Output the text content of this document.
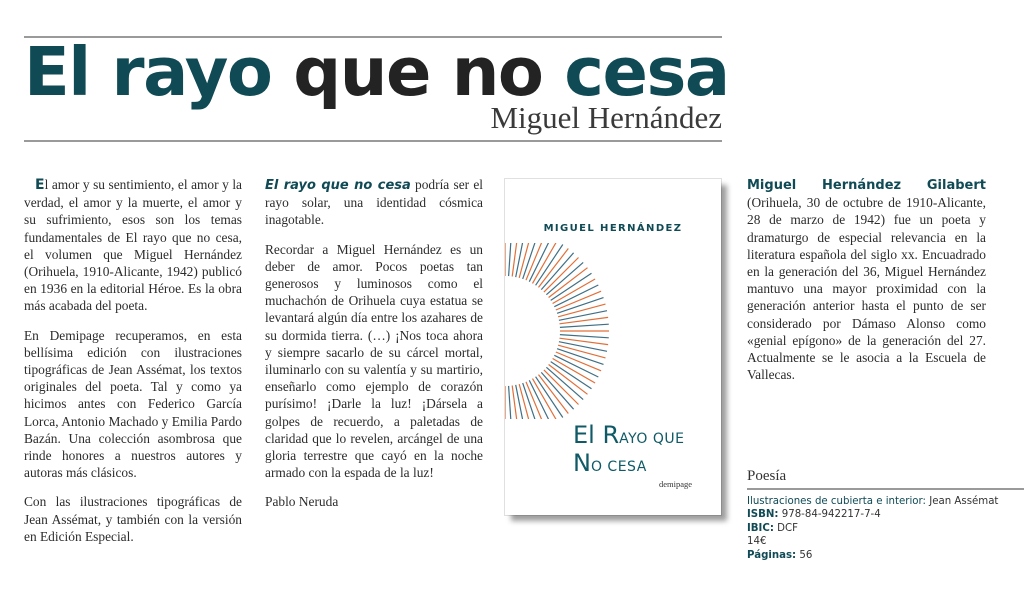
El rayo que no cesa
Miguel Hernández

El amor y su sentimiento, el amor y la verdad, el amor y la muerte, el amor y su sufrimiento, esos son los temas fundamentales de El rayo que no cesa, el volumen que Miguel Hernández (Orihuela, 1910-Alicante, 1942) publicó en 1936 en la editorial Héroe. Es la obra más acabada del poeta.

En Demipage recuperamos, en esta bellísima edición con ilustraciones tipográficas de Jean Assémat, los textos originales del poeta. Tal y como ya hicimos antes con Federico García Lorca, Antonio Machado y Emilia Pardo Bazán. Una colección asombrosa que rinde honores a nuestros autores y autoras más clásicos.

Con las ilustraciones tipográficas de Jean Assémat, y también con la versión en Edición Especial.

El rayo que no cesa podría ser el rayo solar, una identidad cósmica inagotable.

Recordar a Miguel Hernández es un deber de amor. Pocos poetas tan generosos y luminosos como el muchachón de Orihuela cuya estatua se levantará algún día entre los azahares de su dormida tierra. (…) ¡Nos toca ahora y siempre sacarlo de su cárcel mortal, iluminarlo con su valentía y su martirio, enseñarlo como ejemplo de corazón purísimo! ¡Darle la luz! ¡Dársela a golpes de recuerdo, a paletadas de claridad que lo revelen, arcángel de una gloria terrestre que cayó en la noche armado con la espada de la luz!

Pablo Neruda

MIGUEL HERNÁNDEZ
El RAYO QUE
NO CESA
demipage

Miguel Hernández Gilabert (Orihuela, 30 de octubre de 1910-Alicante, 28 de marzo de 1942) fue un poeta y dramaturgo de especial relevancia en la literatura española del siglo xx. Encuadrado en la generación del 36, Miguel Hernández mantuvo una mayor proximidad con la generación anterior hasta el punto de ser considerado por Dámaso Alonso como «genial epígono» de la generación del 27. Actualmente se le asocia a la Escuela de Vallecas.

Poesía
Ilustraciones de cubierta e interior: Jean Assémat
ISBN: 978-84-942217-7-4
IBIC: DCF
14€
Páginas: 56
